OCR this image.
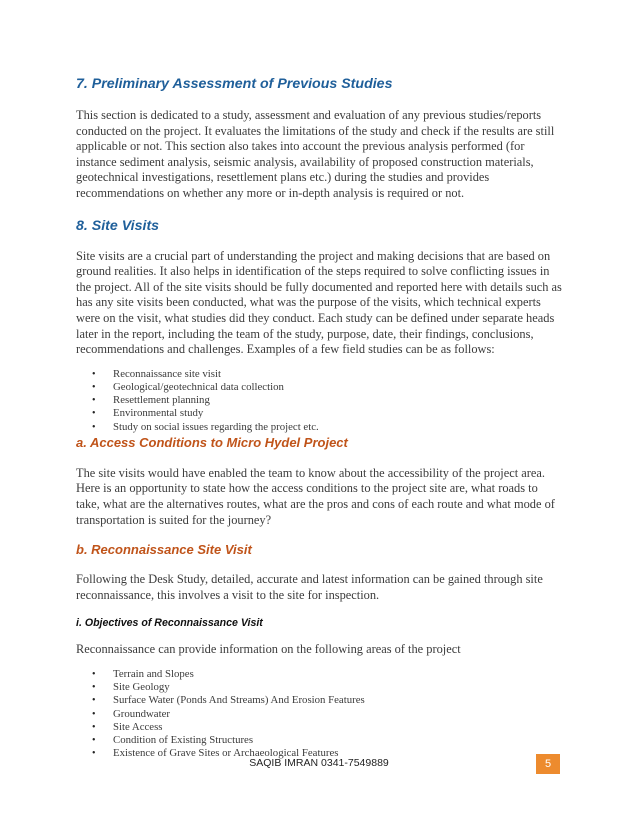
7. Preliminary Assessment of Previous Studies

This section is dedicated to a study, assessment and evaluation of any previous studies/reports conducted on the project. It evaluates the limitations of the study and check if the results are still applicable or not. This section also takes into account the previous analysis performed (for instance sediment analysis, seismic analysis, availability of proposed construction materials, geotechnical investigations, resettlement plans etc.) during the studies and provides recommendations on whether any more or in-depth analysis is required or not.

8. Site Visits

Site visits are a crucial part of understanding the project and making decisions that are based on ground realities. It also helps in identification of the steps required to solve conflicting issues in the project. All of the site visits should be fully documented and reported here with details such as has any site visits been conducted, what was the purpose of the visits, which technical experts were on the visit, what studies did they conduct. Each study can be defined under separate heads later in the report, including the team of the study, purpose, date, their findings, conclusions, recommendations and challenges. Examples of a few field studies can be as follows:

• Reconnaissance site visit
• Geological/geotechnical data collection
• Resettlement planning
• Environmental study
• Study on social issues regarding the project etc.
a. Access Conditions to Micro Hydel Project

The site visits would have enabled the team to know about the accessibility of the project area. Here is an opportunity to state how the access conditions to the project site are, what roads to take, what are the alternatives routes, what are the pros and cons of each route and what mode of transportation is suited for the journey?

b. Reconnaissance Site Visit

Following the Desk Study, detailed, accurate and latest information can be gained through site reconnaissance, this involves a visit to the site for inspection.

i. Objectives of Reconnaissance Visit

Reconnaissance can provide information on the following areas of the project

• Terrain and Slopes
• Site Geology
• Surface Water (Ponds And Streams) And Erosion Features
• Groundwater
• Site Access
• Condition of Existing Structures
• Existence of Grave Sites or Archaeological Features
SAQIB IMRAN 0341-7549889	5
